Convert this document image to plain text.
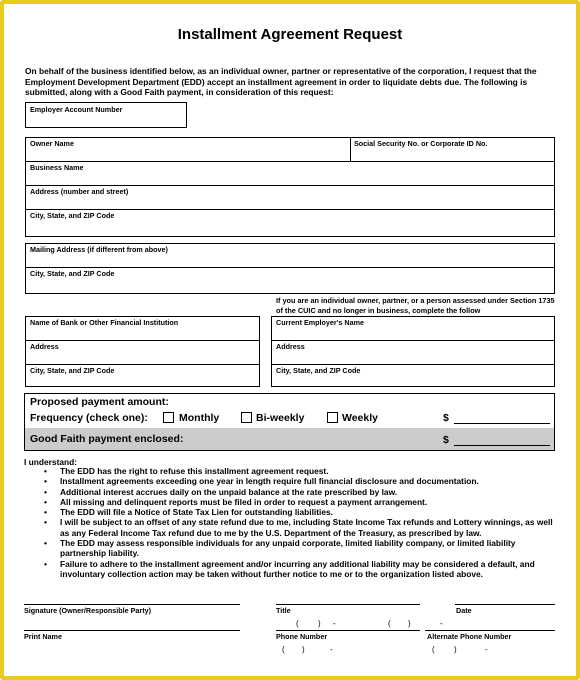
Installment Agreement Request
On behalf of the business identified below, as an individual owner, partner or representative of the corporation, I request that the Employment Development Department (EDD) accept an installment agreement in order to liquidate debts due. The following is submitted, along with a Good Faith payment, in consideration of this request:
Employer Account Number
Owner Name	Social Security No. or Corporate ID No.
Business Name
Address (number and street)
City, State, and ZIP Code
Mailing Address (if different from above)
City, State, and ZIP Code
If you are an individual owner, partner, or a person assessed under Section 1735 of the CUIC and no longer in business, complete the follow
Name of Bank or Other Financial Institution
Address
City, State, and ZIP Code
Current Employer's Name
Address
City, State, and ZIP Code
Proposed payment amount:
Frequency (check one):	Monthly	Bi-weekly	Weekly	$
Good Faith payment enclosed:	$
I understand:
• The EDD has the right to refuse this installment agreement request.
• Installment agreements exceeding one year in length require full financial disclosure and documentation.
• Additional interest accrues daily on the unpaid balance at the rate prescribed by law.
• All missing and delinquent reports must be filed in order to request a payment arrangement.
• The EDD will file a Notice of State Tax Lien for outstanding liabilities.
• I will be subject to an offset of any state refund due to me, including State Income Tax refunds and Lottery winnings, as well as any Federal Income Tax refund due to me by the U.S. Department of the Treasury, as prescribed by law.
• The EDD may assess responsible individuals for any unpaid corporate, limited liability company, or limited liability partnership liability.
• Failure to adhere to the installment agreement and/or incurring any additional liability may be considered a default, and involuntary collection action may be taken without further notice to me or to the organization listed above.
Signature (Owner/Responsible Party)	Title	Date
( ) -	( )	-
Print Name	Phone Number	Alternate Phone Number
( )	-	( )	-
